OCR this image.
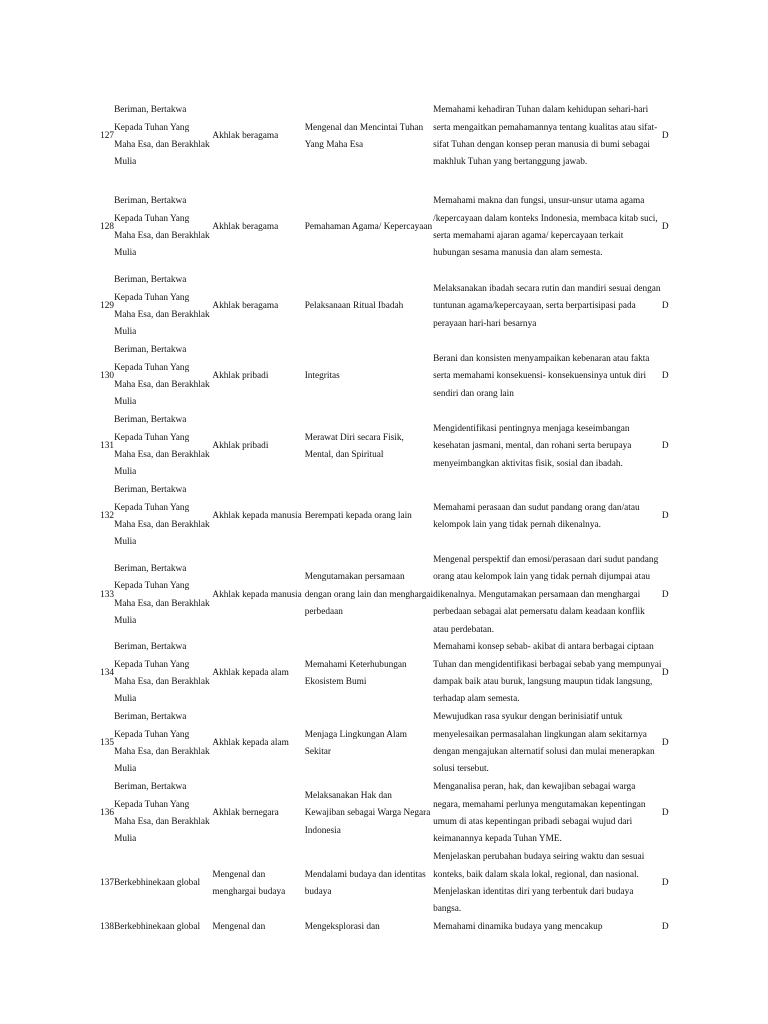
127	Beriman, Bertakwa Kepada Tuhan Yang Maha Esa, dan Berakhlak Mulia	Akhlak beragama	Mengenal dan Mencintai Tuhan Yang Maha Esa	Memahami kehadiran Tuhan dalam kehidupan sehari-hari serta mengaitkan pemahamannya tentang kualitas atau sifat-sifat Tuhan dengan konsep peran manusia di bumi sebagai makhluk Tuhan yang bertanggung jawab.	D
128	Beriman, Bertakwa Kepada Tuhan Yang Maha Esa, dan Berakhlak Mulia	Akhlak beragama	Pemahaman Agama/ Kepercayaan	Memahami makna dan fungsi, unsur-unsur utama agama /kepercayaan dalam konteks Indonesia, membaca kitab suci, serta memahami ajaran agama/ kepercayaan terkait hubungan sesama manusia dan alam semesta.	D
129	Beriman, Bertakwa Kepada Tuhan Yang Maha Esa, dan Berakhlak Mulia	Akhlak beragama	Pelaksanaan Ritual Ibadah	Melaksanakan ibadah secara rutin dan mandiri sesuai dengan tuntunan agama/kepercayaan, serta berpartisipasi pada perayaan hari-hari besarnya	D
130	Beriman, Bertakwa Kepada Tuhan Yang Maha Esa, dan Berakhlak Mulia	Akhlak pribadi	Integritas	Berani dan konsisten menyampaikan kebenaran atau fakta serta memahami konsekuensi- konsekuensinya untuk diri sendiri dan orang lain	D
131	Beriman, Bertakwa Kepada Tuhan Yang Maha Esa, dan Berakhlak Mulia	Akhlak pribadi	Merawat Diri secara Fisik, Mental, dan Spiritual	Mengidentifikasi pentingnya menjaga keseimbangan kesehatan jasmani, mental, dan rohani serta berupaya menyeimbangkan aktivitas fisik, sosial dan ibadah.	D
132	Beriman, Bertakwa Kepada Tuhan Yang Maha Esa, dan Berakhlak Mulia	Akhlak kepada manusia	Berempati kepada orang lain	Memahami perasaan dan sudut pandang orang dan/atau kelompok lain yang tidak pernah dikenalnya.	D
133	Beriman, Bertakwa Kepada Tuhan Yang Maha Esa, dan Berakhlak Mulia	Akhlak kepada manusia	Mengutamakan persamaan dengan orang lain dan menghargai perbedaan	Mengenal perspektif dan emosi/perasaan dari sudut pandang orang atau kelompok lain yang tidak pernah dijumpai atau dikenalnya. Mengutamakan persamaan dan menghargai perbedaan sebagai alat pemersatu dalam keadaan konflik atau perdebatan.	D
134	Beriman, Bertakwa Kepada Tuhan Yang Maha Esa, dan Berakhlak Mulia	Akhlak kepada alam	Memahami Keterhubungan Ekosistem Bumi	Memahami konsep sebab- akibat di antara berbagai ciptaan Tuhan dan mengidentifikasi berbagai sebab yang mempunyai dampak baik atau buruk, langsung maupun tidak langsung, terhadap alam semesta.	D
135	Beriman, Bertakwa Kepada Tuhan Yang Maha Esa, dan Berakhlak Mulia	Akhlak kepada alam	Menjaga Lingkungan Alam Sekitar	Mewujudkan rasa syukur dengan berinisiatif untuk menyelesaikan permasalahan lingkungan alam sekitarnya dengan mengajukan alternatif solusi dan mulai menerapkan solusi tersebut.	D
136	Beriman, Bertakwa Kepada Tuhan Yang Maha Esa, dan Berakhlak Mulia	Akhlak bernegara	Melaksanakan Hak dan Kewajiban sebagai Warga Negara Indonesia	Menganalisa peran, hak, dan kewajiban sebagai warga negara, memahami perlunya mengutamakan kepentingan umum di atas kepentingan pribadi sebagai wujud dari keimanannya kepada Tuhan YME.	D
137	Berkebhinekaan global	Mengenal dan menghargai budaya	Mendalami budaya dan identitas budaya	Menjelaskan perubahan budaya seiring waktu dan sesuai konteks, baik dalam skala lokal, regional, dan nasional. Menjelaskan identitas diri yang terbentuk dari budaya bangsa.	D
138	Berkebhinekaan global	Mengenal dan	Mengeksplorasi dan	Memahami dinamika budaya yang mencakup	D
